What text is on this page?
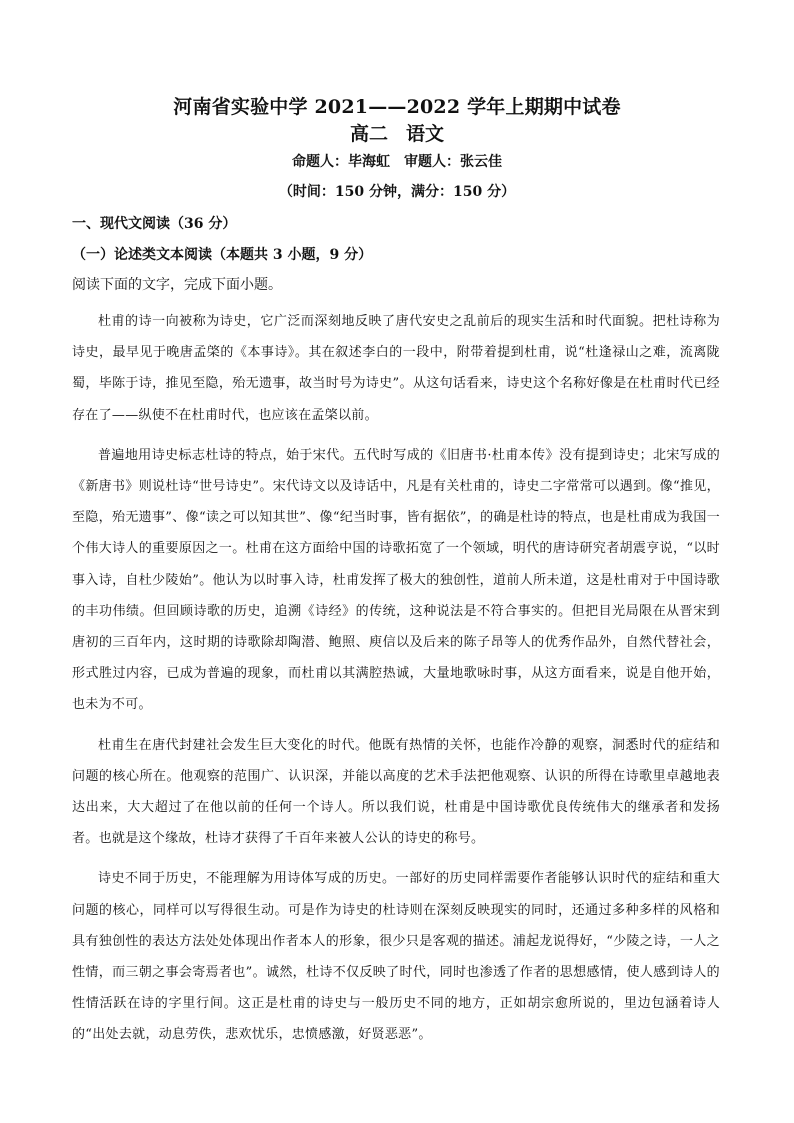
河南省实验中学 2021——2022 学年上期期中试卷
高二 语文
命题人：毕海虹　审题人：张云佳
（时间：150 分钟，满分：150 分）
一、现代文阅读（36 分）
（一）论述类文本阅读（本题共 3 小题，9 分）
阅读下面的文字，完成下面小题。

杜甫的诗一向被称为诗史，它广泛而深刻地反映了唐代安史之乱前后的现实生活和时代面貌。把杜诗称为诗史，最早见于晚唐孟棨的《本事诗》。其在叙述李白的一段中，附带着提到杜甫，说“杜逢禄山之难，流离陇蜀，毕陈于诗，推见至隐，殆无遗事，故当时号为诗史”。从这句话看来，诗史这个名称好像是在杜甫时代已经存在了——纵使不在杜甫时代，也应该在孟棨以前。

普遍地用诗史标志杜诗的特点，始于宋代。五代时写成的《旧唐书·杜甫本传》没有提到诗史；北宋写成的《新唐书》则说杜诗“世号诗史”。宋代诗文以及诗话中，凡是有关杜甫的，诗史二字常常可以遇到。像“推见，至隐，殆无遗事”、像“读之可以知其世”、像“纪当时事，皆有据依”，的确是杜诗的特点，也是杜甫成为我国一个伟大诗人的重要原因之一。杜甫在这方面给中国的诗歌拓宽了一个领域，明代的唐诗研究者胡震亨说，“以时事入诗，自杜少陵始”。他认为以时事入诗，杜甫发挥了极大的独创性，道前人所未道，这是杜甫对于中国诗歌的丰功伟绩。但回顾诗歌的历史，追溯《诗经》的传统，这种说法是不符合事实的。但把目光局限在从晋宋到唐初的三百年内，这时期的诗歌除却陶潜、鲍照、庾信以及后来的陈子昂等人的优秀作品外，自然代替社会，形式胜过内容，已成为普遍的现象，而杜甫以其满腔热诚，大量地歌咏时事，从这方面看来，说是自他开始，也未为不可。

杜甫生在唐代封建社会发生巨大变化的时代。他既有热情的关怀，也能作冷静的观察，洞悉时代的症结和问题的核心所在。他观察的范围广、认识深，并能以高度的艺术手法把他观察、认识的所得在诗歌里卓越地表达出来，大大超过了在他以前的任何一个诗人。所以我们说，杜甫是中国诗歌优良传统伟大的继承者和发扬者。也就是这个缘故，杜诗才获得了千百年来被人公认的诗史的称号。

诗史不同于历史，不能理解为用诗体写成的历史。一部好的历史同样需要作者能够认识时代的症结和重大问题的核心，同样可以写得很生动。可是作为诗史的杜诗则在深刻反映现实的同时，还通过多种多样的风格和具有独创性的表达方法处处体现出作者本人的形象，很少只是客观的描述。浦起龙说得好，“少陵之诗，一人之性情，而三朝之事会寄焉者也”。诚然，杜诗不仅反映了时代，同时也渗透了作者的思想感情，使人感到诗人的性情活跃在诗的字里行间。这正是杜甫的诗史与一般历史不同的地方，正如胡宗愈所说的，里边包涵着诗人的“出处去就，动息劳佚，悲欢忧乐，忠愤感激，好贤恶恶”。
